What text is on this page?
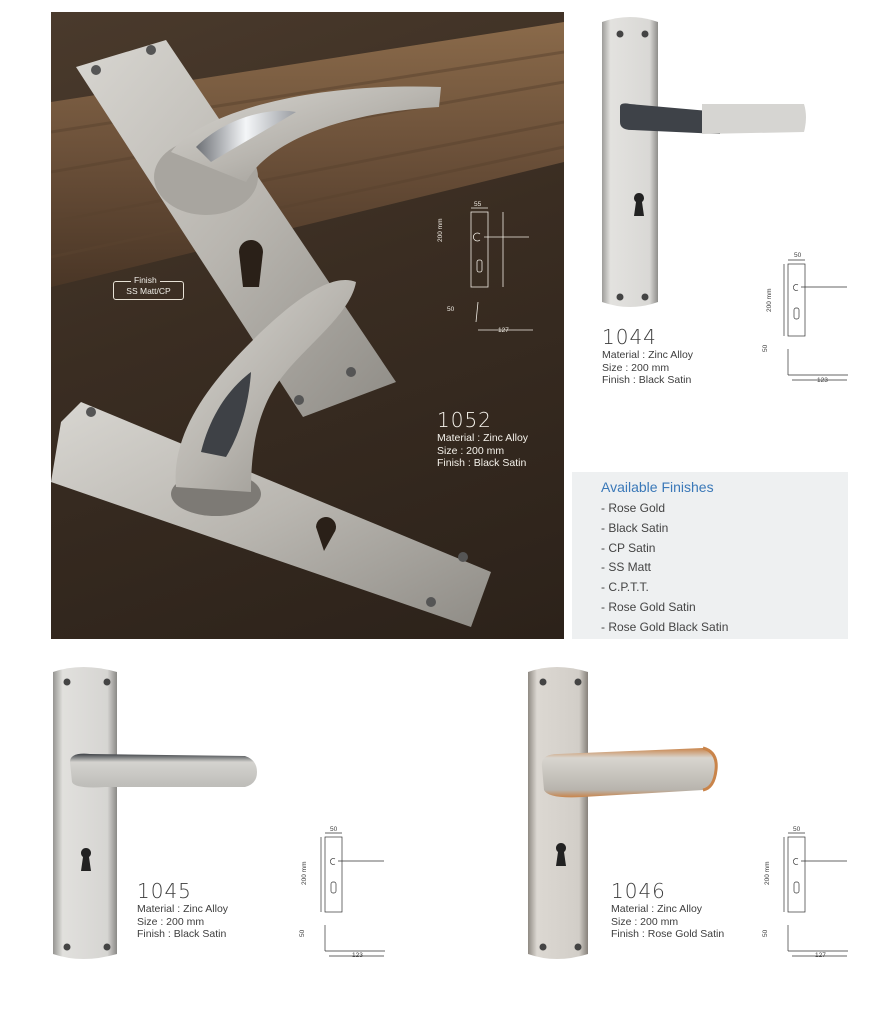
Finish
SS Matt/CP
55
200 mm
50
127
1052
Material : Zinc Alloy
Size : 200 mm
Finish : Black Satin
50
200 mm
50
123
1044
Material : Zinc Alloy
Size : 200 mm
Finish : Black Satin
Available Finishes
- Rose Gold
- Black Satin
- CP Satin
- SS Matt
- C.P.T.T.
- Rose Gold Satin
- Rose Gold Black Satin
50
200 mm
50
123
1045
Material : Zinc Alloy
Size : 200 mm
Finish : Black Satin
50
200 mm
50
127
1046
Material : Zinc Alloy
Size : 200 mm
Finish : Rose Gold Satin
